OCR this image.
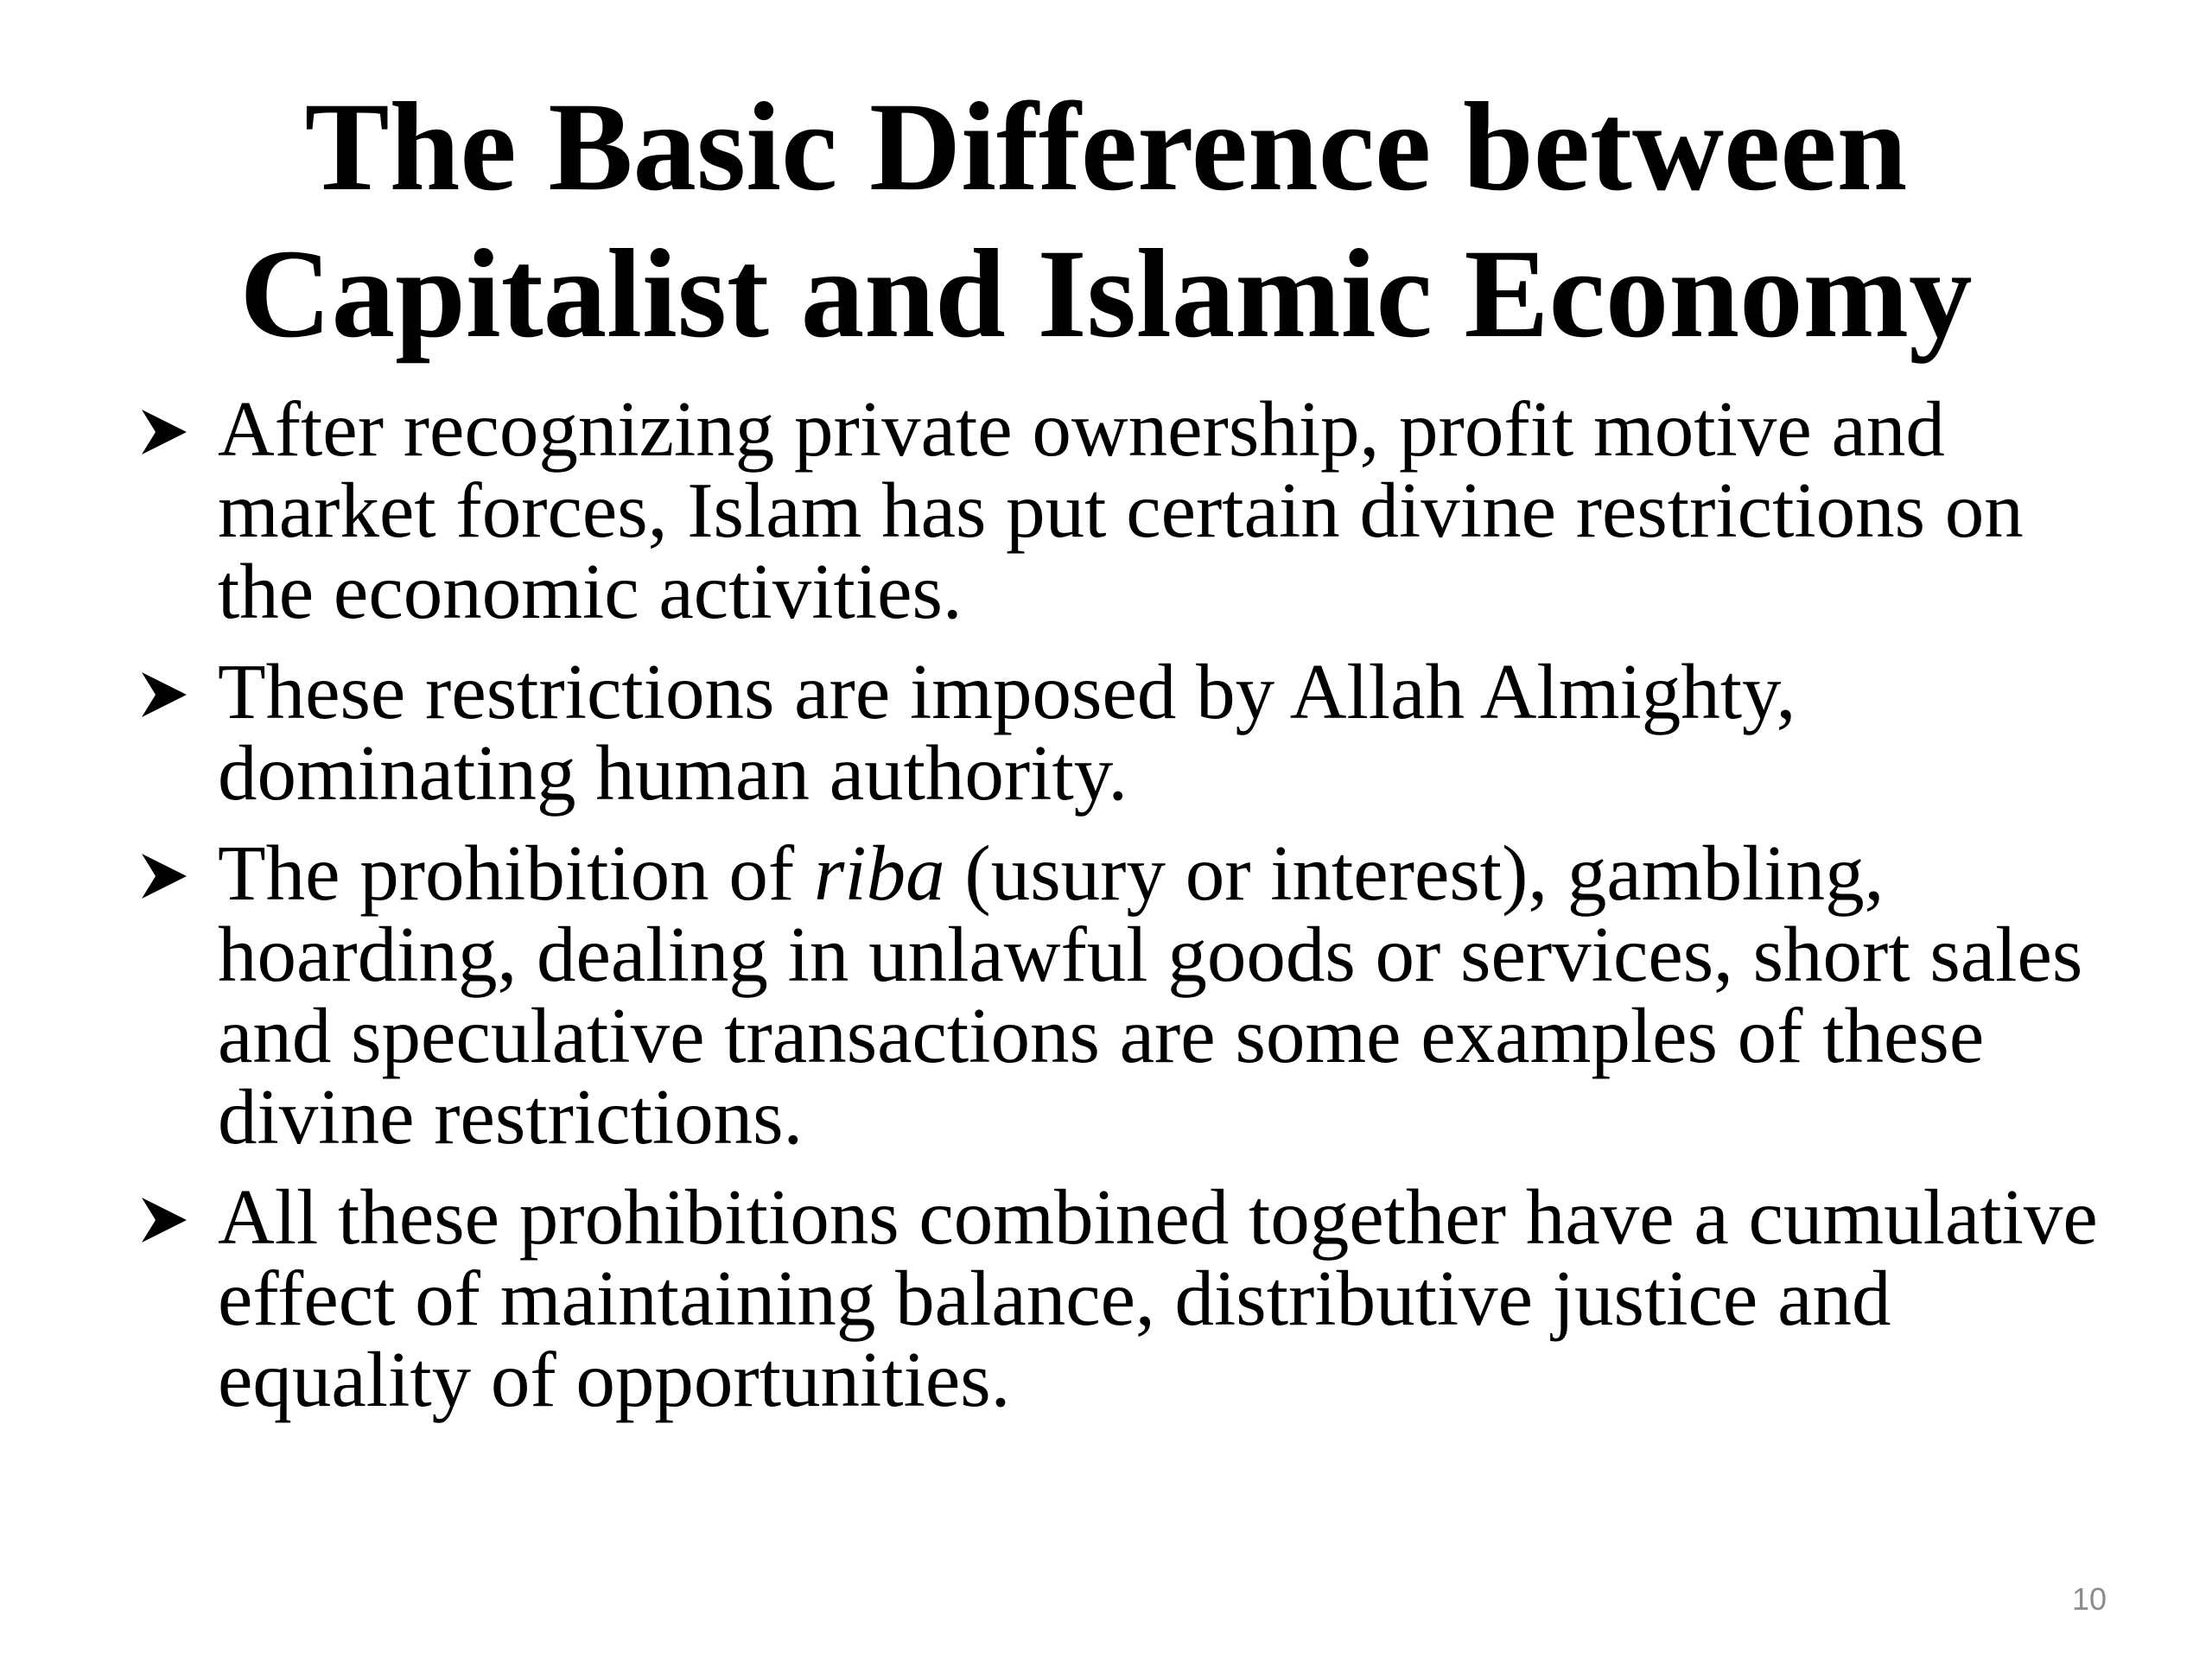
The Basic Difference between
Capitalist and Islamic Economy
After recognizing private ownership, profit motive and market forces, Islam has put certain divine restrictions on the economic activities.
These restrictions are imposed by Allah Almighty, dominating human authority.
The prohibition of riba (usury or interest), gambling, hoarding, dealing in unlawful goods or services, short sales and speculative transactions are some examples of these divine restrictions.
All these prohibitions combined together have a cumulative effect of maintaining balance, distributive justice and equality of opportunities.
10
